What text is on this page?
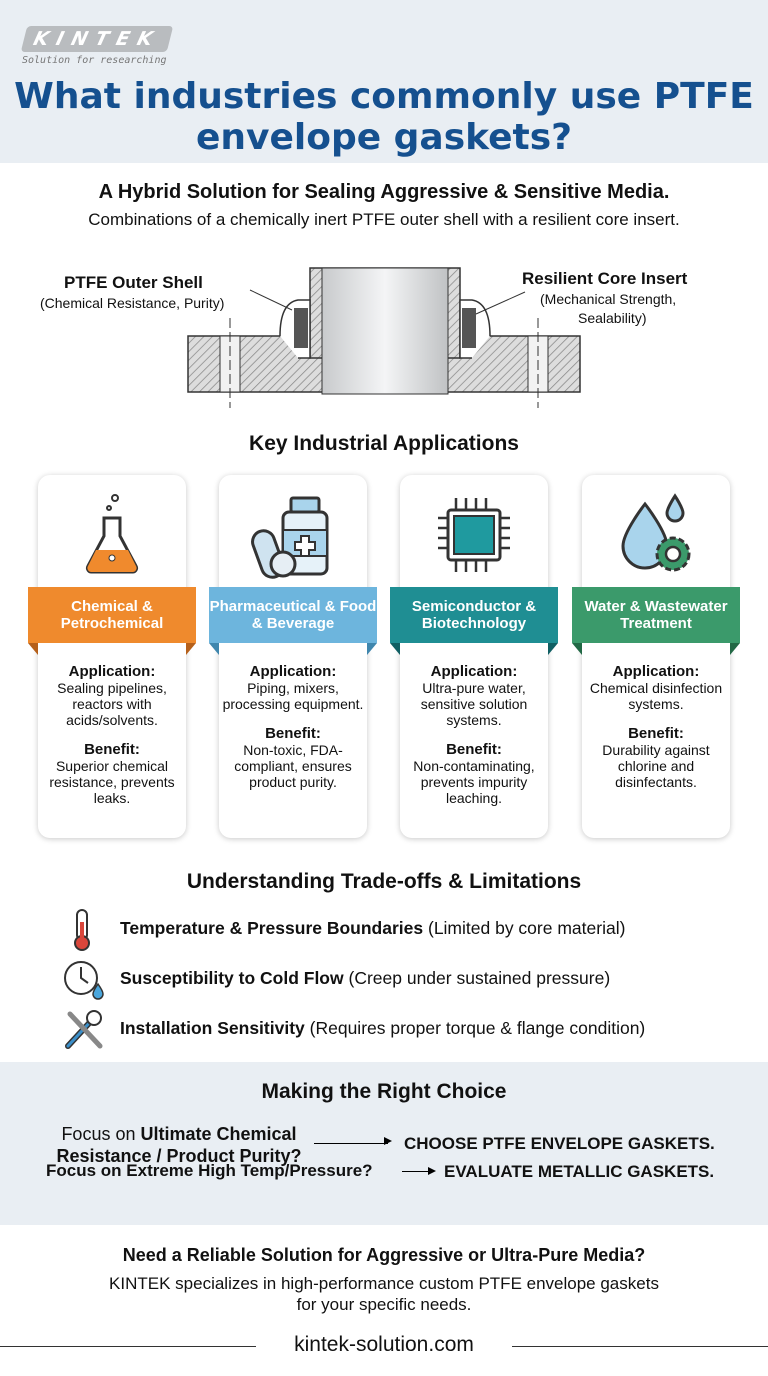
KINTEK
Solution for researching
What industries commonly use PTFE envelope gaskets?
A Hybrid Solution for Sealing Aggressive & Sensitive Media.
Combinations of a chemically inert PTFE outer shell with a resilient core insert.
PTFE Outer Shell
(Chemical Resistance, Purity)
Resilient Core Insert
(Mechanical Strength,
Sealability)
Key Industrial Applications
Chemical & Petrochemical
Application:
Sealing pipelines, reactors with acids/solvents.
Benefit:
Superior chemical resistance, prevents leaks.
Pharmaceutical & Food & Beverage
Application:
Piping, mixers, processing equipment.
Benefit:
Non-toxic, FDA-compliant, ensures product purity.
Semiconductor & Biotechnology
Application:
Ultra-pure water, sensitive solution systems.
Benefit:
Non-contaminating, prevents impurity leaching.
Water & Wastewater Treatment
Application:
Chemical disinfection systems.
Benefit:
Durability against chlorine and disinfectants.
Understanding Trade-offs & Limitations
Temperature & Pressure Boundaries (Limited by core material)
Susceptibility to Cold Flow (Creep under sustained pressure)
Installation Sensitivity (Requires proper torque & flange condition)
Making the Right Choice
Focus on Ultimate Chemical
Resistance / Product Purity?
CHOOSE PTFE ENVELOPE GASKETS.
Focus on Extreme High Temp/Pressure?	EVALUATE METALLIC GASKETS.
Need a Reliable Solution for Aggressive or Ultra-Pure Media?
KINTEK specializes in high-performance custom PTFE envelope gaskets
for your specific needs.
kintek-solution.com
